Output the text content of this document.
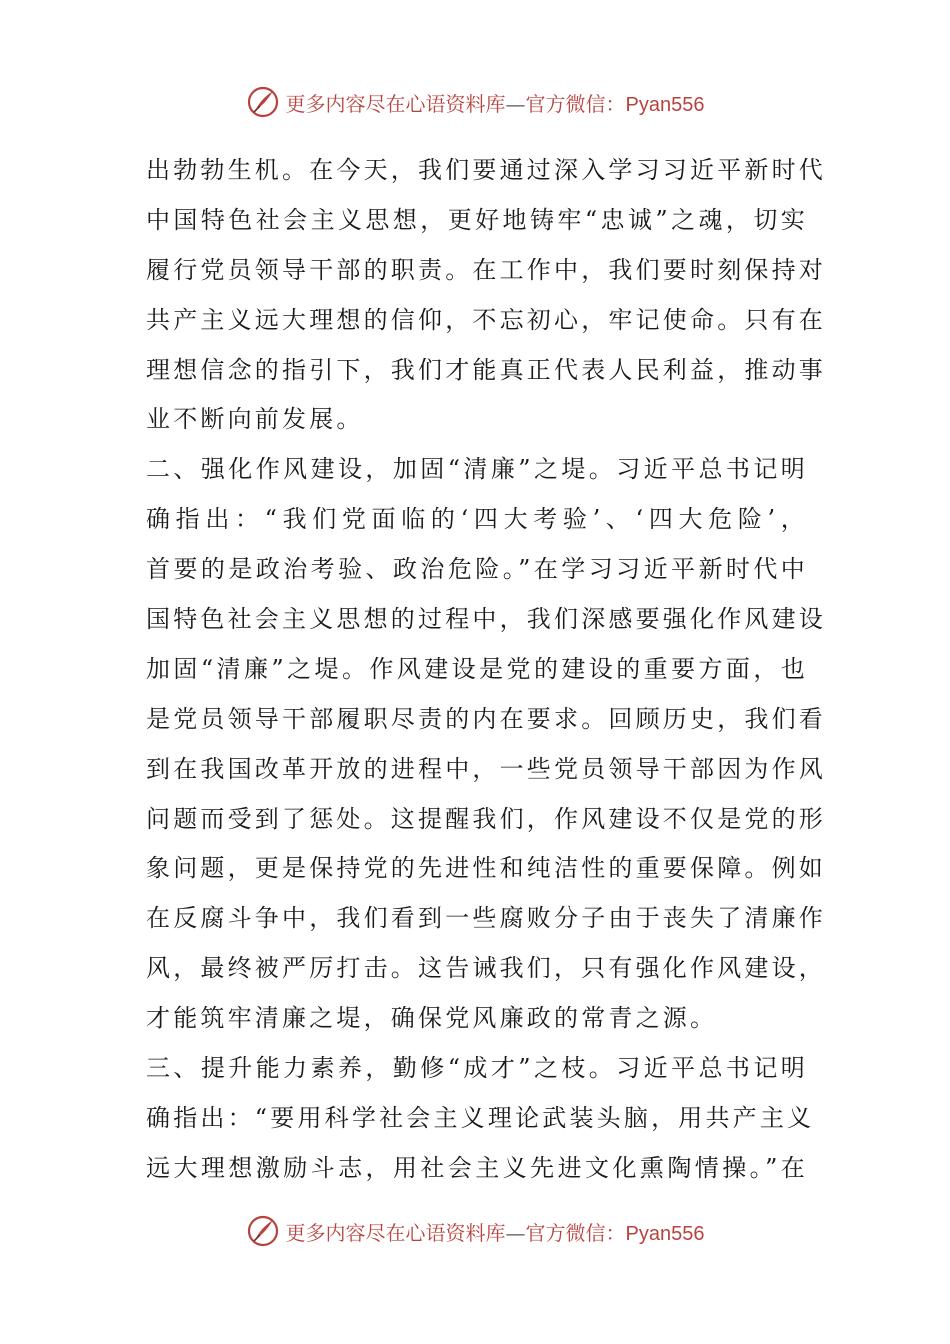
更多内容尽在心语资料库—官方微信：Pyan556
出勃勃生机。在今天，我们要通过深入学习习近平新时代
中国特色社会主义思想，更好地铸牢“忠诚”之魂，切实
履行党员领导干部的职责。在工作中，我们要时刻保持对
共产主义远大理想的信仰，不忘初心，牢记使命。只有在
理想信念的指引下，我们才能真正代表人民利益，推动事
业不断向前发展。
二、强化作风建设，加固“清廉”之堤。习近平总书记明
确指出：“我们党面临的‘四大考验’、‘四大危险’，
首要的是政治考验、政治危险。”在学习习近平新时代中
国特色社会主义思想的过程中，我们深感要强化作风建设
加固“清廉”之堤。作风建设是党的建设的重要方面，也
是党员领导干部履职尽责的内在要求。回顾历史，我们看
到在我国改革开放的进程中，一些党员领导干部因为作风
问题而受到了惩处。这提醒我们，作风建设不仅是党的形
象问题，更是保持党的先进性和纯洁性的重要保障。例如
在反腐斗争中，我们看到一些腐败分子由于丧失了清廉作
风，最终被严厉打击。这告诫我们，只有强化作风建设，
才能筑牢清廉之堤，确保党风廉政的常青之源。
三、提升能力素养，勤修“成才”之枝。习近平总书记明
确指出：“要用科学社会主义理论武装头脑，用共产主义
远大理想激励斗志，用社会主义先进文化熏陶情操。”在
更多内容尽在心语资料库—官方微信：Pyan556
